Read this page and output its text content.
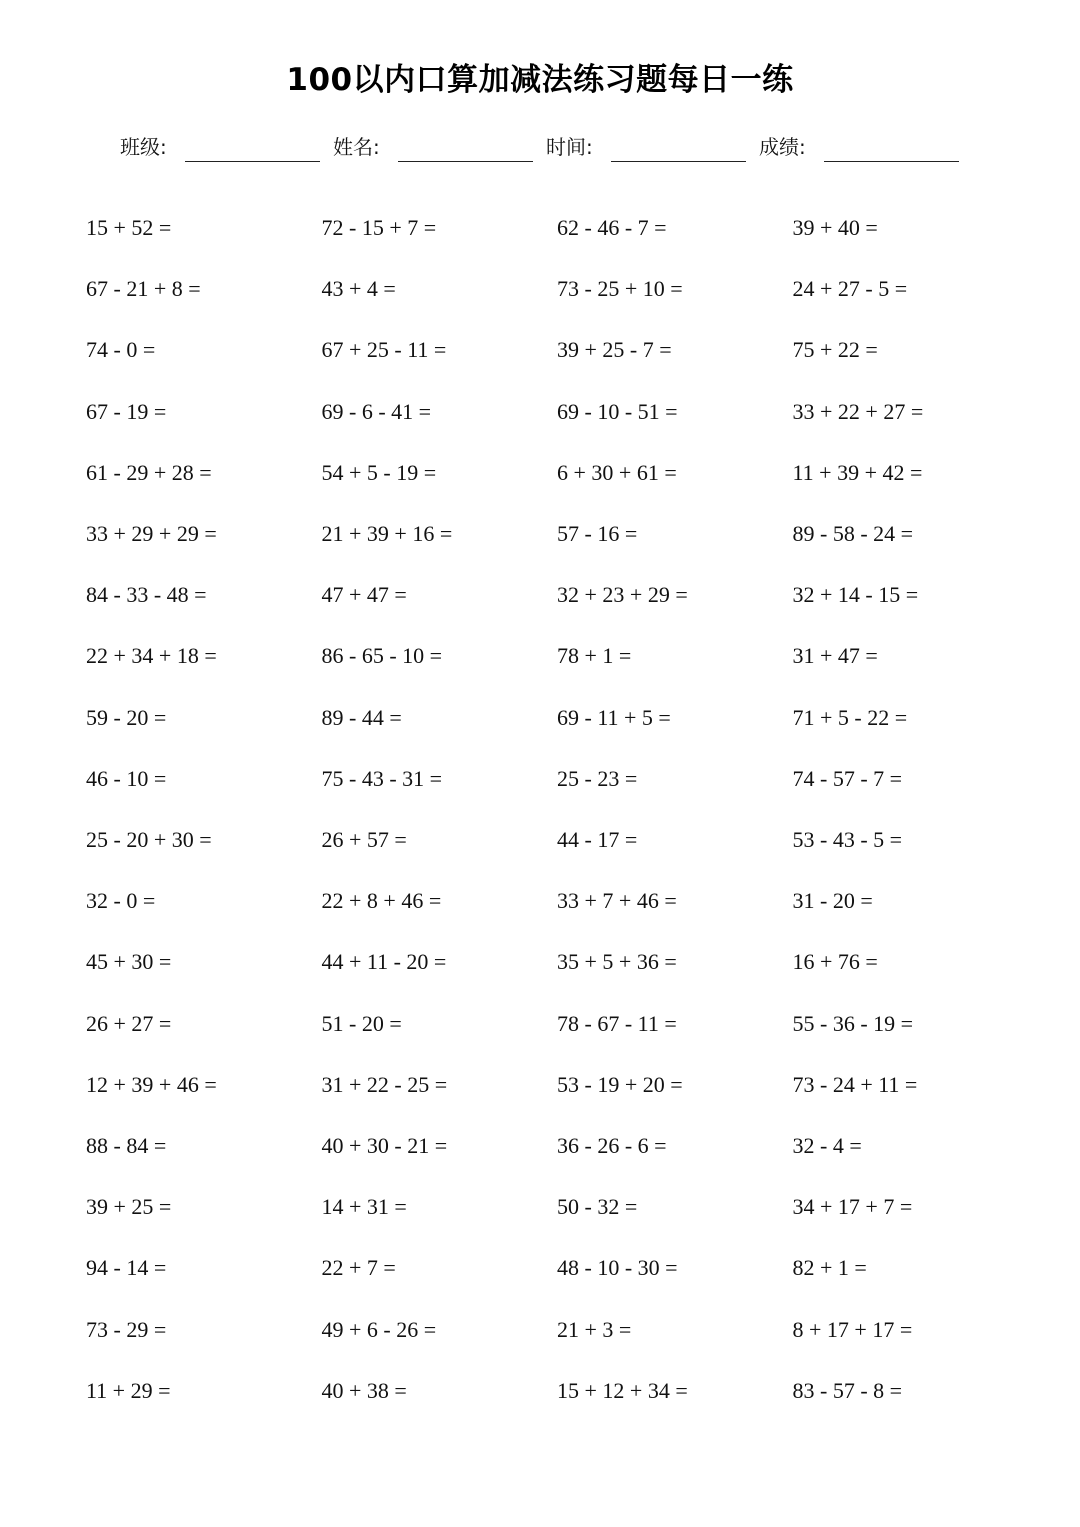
100以内口算加减法练习题每日一练
班级:	姓名:	时间:	成绩:
15 + 52 =	72 - 15 + 7 =	62 - 46 - 7 =	39 + 40 =
67 - 21 + 8 =	43 + 4 =	73 - 25 + 10 =	24 + 27 - 5 =
74 - 0 =	67 + 25 - 11 =	39 + 25 - 7 =	75 + 22 =
67 - 19 =	69 - 6 - 41 =	69 - 10 - 51 =	33 + 22 + 27 =
61 - 29 + 28 =	54 + 5 - 19 =	6 + 30 + 61 =	11 + 39 + 42 =
33 + 29 + 29 =	21 + 39 + 16 =	57 - 16 =	89 - 58 - 24 =
84 - 33 - 48 =	47 + 47 =	32 + 23 + 29 =	32 + 14 - 15 =
22 + 34 + 18 =	86 - 65 - 10 =	78 + 1 =	31 + 47 =
59 - 20 =	89 - 44 =	69 - 11 + 5 =	71 + 5 - 22 =
46 - 10 =	75 - 43 - 31 =	25 - 23 =	74 - 57 - 7 =
25 - 20 + 30 =	26 + 57 =	44 - 17 =	53 - 43 - 5 =
32 - 0 =	22 + 8 + 46 =	33 + 7 + 46 =	31 - 20 =
45 + 30 =	44 + 11 - 20 =	35 + 5 + 36 =	16 + 76 =
26 + 27 =	51 - 20 =	78 - 67 - 11 =	55 - 36 - 19 =
12 + 39 + 46 =	31 + 22 - 25 =	53 - 19 + 20 =	73 - 24 + 11 =
88 - 84 =	40 + 30 - 21 =	36 - 26 - 6 =	32 - 4 =
39 + 25 =	14 + 31 =	50 - 32 =	34 + 17 + 7 =
94 - 14 =	22 + 7 =	48 - 10 - 30 =	82 + 1 =
73 - 29 =	49 + 6 - 26 =	21 + 3 =	8 + 17 + 17 =
11 + 29 =	40 + 38 =	15 + 12 + 34 =	83 - 57 - 8 =
